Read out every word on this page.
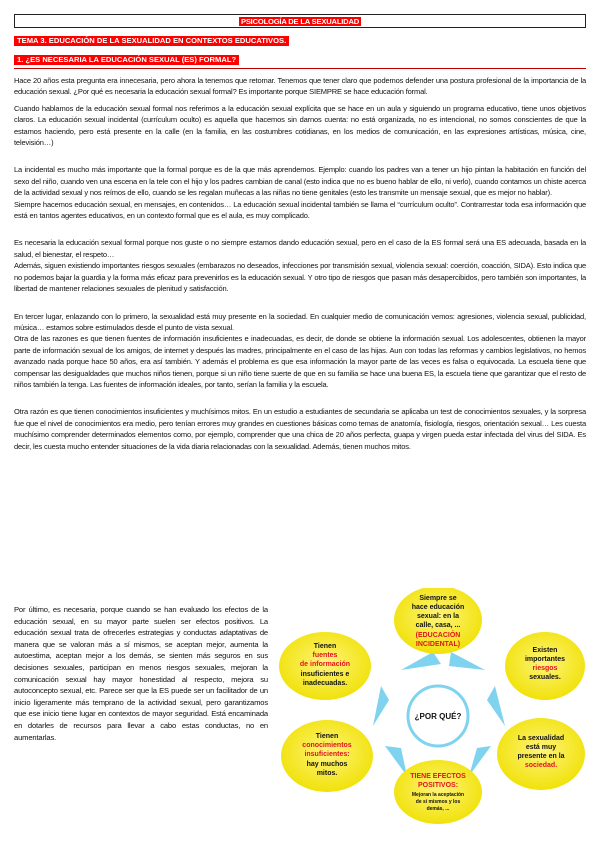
PSICOLOGÍA DE LA SEXUALIDAD
TEMA 3. EDUCACIÓN DE LA SEXUALIDAD EN CONTEXTOS EDUCATIVOS.
1. ¿ES NECESARIA LA EDUCACIÓN SEXUAL (ES) FORMAL?

Hace 20 años esta pregunta era innecesaria, pero ahora la tenemos que retomar. Tenemos que tener claro que podemos defender una postura profesional de la importancia de la educación sexual. ¿Por qué es necesaria la educación sexual formal? Es importante porque SIEMPRE se hace educación formal.

Cuando hablamos de la educación sexual formal nos referimos a la educación sexual explícita que se hace en un aula y siguiendo un programa educativo, tiene unos objetivos claros. La educación sexual incidental (currículum oculto) es aquella que hacemos sin darnos cuenta: no está organizada, no es intencional, no somos conscientes de que la estamos haciendo, pero está presente en la calle (en la familia, en las costumbres cotidianas, en los medios de comunicación, en las expresiones artísticas, música, cine, televisión…)

La incidental es mucho más importante que la formal porque es de la que más aprendemos. Ejemplo: cuando los padres van a tener un hijo pintan la habitación en función del sexo del niño, cuando ven una escena en la tele con el hijo y los padres cambian de canal (esto indica que no es bueno hablar de ello, ni verlo), cuando contamos un chiste acerca de la actividad sexual y nos reímos de ello, cuando se les regalan muñecas a las niñas no tiene genitales (esto les transmite un mensaje sexual, que es mejor no hablar).

Siempre hacemos educación sexual, en mensajes, en contenidos… La educación sexual incidental también se llama el “currículum oculto”. Contrarrestar toda esa información que está en tantos agentes educativos, en un contexto formal que es el aula, es muy complicado.

Es necesaria la educación sexual formal porque nos guste o no siempre estamos dando educación sexual, pero en el caso de la ES formal será una ES adecuada, basada en la salud, el bienestar, el respeto…

Además, siguen existiendo importantes riesgos sexuales (embarazos no deseados, infecciones por transmisión sexual, violencia sexual: coerción, coacción, SIDA). Esto indica que no podemos bajar la guardia y la forma más eficaz para prevenirlos es la educación sexual. Y otro tipo de riesgos que pasan más desapercibidos, pero también son importantes, la libertad de mantener relaciones sexuales de plenitud y satisfacción.

En tercer lugar, enlazando con lo primero, la sexualidad está muy presente en la sociedad. En cualquier medio de comunicación vemos: agresiones, violencia sexual, publicidad, música… estamos sobre estimulados desde el punto de vista sexual.

Otra de las razones es que tienen fuentes de información insuficientes e inadecuadas, es decir, de donde se obtiene la información sexual. Los adolescentes, obtienen la mayor parte de información sexual de los amigos, de internet y después las madres, principalmente en el caso de las hijas. Aun con todas las reformas y cambios legislativos, no hemos avanzado nada porque hace 50 años, era así también. Y además el problema es que esa información la mayor parte de las veces es falsa o equivocada. La escuela tiene que compensar las desigualdades que muchos niños tienen, porque si un niño tiene suerte de que en su familia se hace una buena ES, la escuela tiene que garantizar que el resto de niños también la tenga. Las fuentes de información ideales, por tanto, serían la familia y la escuela.

Otra razón es que tienen conocimientos insuficientes y muchísimos mitos. En un estudio a estudiantes de secundaria se aplicaba un test de conocimientos sexuales, y la sorpresa fue que el nivel de conocimientos era medio, pero tenían errores muy grandes en cuestiones básicas como temas de anatomía, fisiología, riesgos, orientación sexual… Les cuesta muchísimo comprender determinados elementos como, por ejemplo, comprender que una chica de 20 años perfecta, guapa y virgen pueda estar infectada del virus del SIDA. Es decir, les cuesta mucho entender situaciones de la vida diaria relacionadas con la sexualidad. Además, tienen muchos mitos.

Por último, es necesaria, porque cuando se han evaluado los efectos de la educación sexual, en su mayor parte suelen ser efectos positivos. La educación sexual trata de ofrecerles estrategias y conductas adaptativas de manera que se valoran más a sí mismos, se aceptan mejor, aumenta la autoestima, aceptan mejor a los demás, se sienten más seguros en sus decisiones sexuales, participan en menos riesgos sexuales, mejoran la comunicación sexual hay mayor honestidad al respecto, mejora su autoconcepto sexual, etc. Parece ser que la ES puede ser un facilitador de un inicio ligeramente más temprano de la actividad sexual, pero garantizamos que ese inicio tiene lugar en contextos de mayor seguridad. Está encaminada en dotarles de recursos para llevar a cabo estas conductas, no en aumentarlas.

¿POR QUÉ?
Siempre se
hace educación
sexual: en la
calle, casa, ...
(EDUCACIÓN
INCIDENTAL)
Tienen
fuentes
de información
insuficientes e
inadecuadas.
Existen
importantes
riesgos
sexuales.
Tienen
conocimientos
insuficientes:
hay muchos
mitos.
La sexualidad
está muy
presente en la
sociedad.
TIENE EFECTOS
POSITIVOS:
Mejoran la aceptación
de sí mismos y los
demás, ...
